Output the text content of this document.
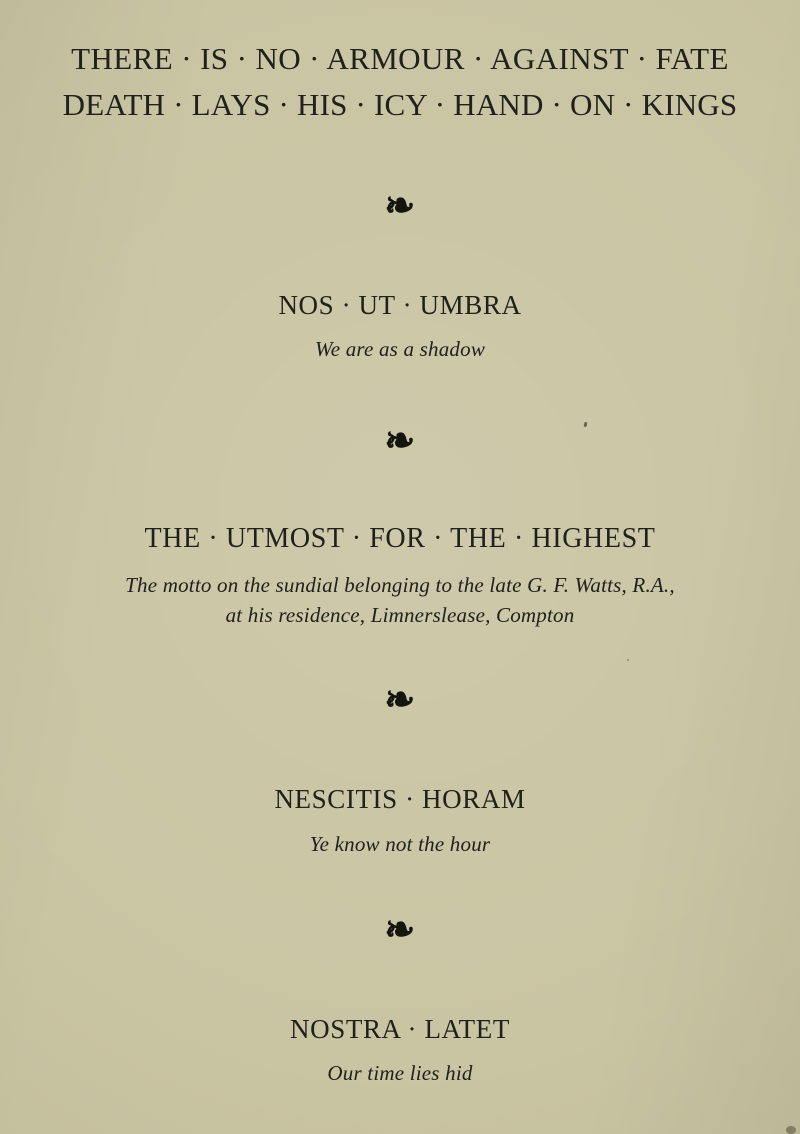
THERE · IS · NO · ARMOUR · AGAINST · FATE
DEATH · LAYS · HIS · ICY · HAND · ON · KINGS
❧
NOS · UT · UMBRA
We are as a shadow
❧
THE · UTMOST · FOR · THE · HIGHEST
The motto on the sundial belonging to the late G. F. Watts, R.A.,
at his residence, Limnerslease, Compton
❧
NESCITIS · HORAM
Ye know not the hour
❧
NOSTRA · LATET
Our time lies hid
